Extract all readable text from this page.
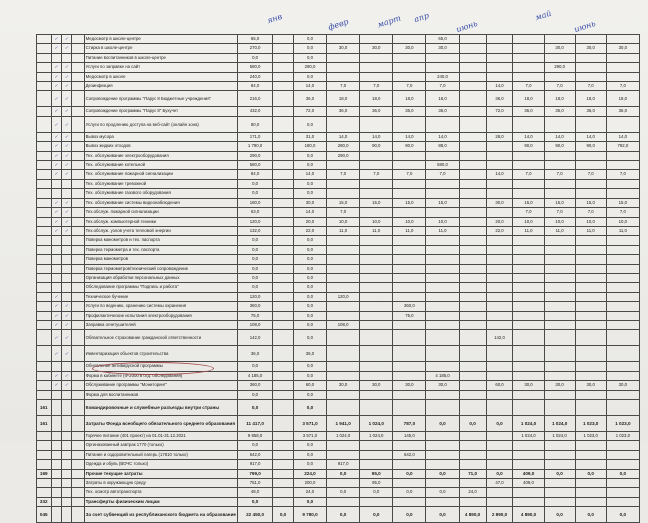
	✓	✓		Медосмотр в школе-центре	65,0		0,0				65,0						
	✓	✓		Стирка в школе-центре	270,0		0,0	30,0	30,0	30,0	30,0				30,0	30,0	30,0
				Питание воспитанников в школе-центре	0,0		0,0										
	✓	✓		Услуги по заправке на сайт	580,0		290,0								290,0		
	✓	✓		Медосмотр в школе	240,0		0,0				240,0						
	✓	✓		Дезинфекция	84,0		14,0	7,0	7,0	7,0	7,0		14,0	7,0	7,0	7,0	7,0
	✓	✓		Сопровождение программы "Парус 8 Бюджетные учреждения"	216,0		36,0	18,0	18,0	18,0	18,0		36,0	18,0	18,0	18,0	18,0
	✓	✓		Сопровождение программы "Парус 8" Бухучет	432,0		72,0	36,0	36,0	36,0	36,0		72,0	36,0	36,0	36,0	36,0
	✓	✓		Услуги по продлению доступа на веб-сайт (онлайн зона)	80,0		0,0										
	✓	✓		Вывоз мусора	171,0		31,0	14,0	14,0	14,0	14,0		28,0	14,0	14,0	14,0	14,0
	✓	✓		Вывоз жидких отходов	1 790,0		180,0	280,0	90,0	90,0	88,0			90,0	90,0	90,0	792,0
	✓	✓		Тех. обслуживание электрооборудования	290,0		0,0	290,0									
	✓	✓		Тех. обслуживание котельной	580,0		0,0				580,0						
	✓	✓		Тех. обслуживание пожарной сигнализации	84,0		14,0	7,0	7,0	7,0	7,0		14,0	7,0	7,0	7,0	7,0
				Тех. обслуживание тревожной	0,0		0,0										
				Тех. обслуживание газового оборудования	0,0		0,0										
	✓	✓		Тех. обслуживание системы видеонаблюдения	180,0		30,0	15,0	15,0	15,0	15,0		30,0	15,0	15,0	15,0	15,0
	✓	✓		Тех.обслуж. пожарной сигнализации	63,0		14,0	7,0						7,0	7,0	7,0	7,0
	✓	✓		Тех.обслуж. компьютерной техники	120,0		20,0	10,0	10,0	10,0	10,0		20,0	10,0	10,0	10,0	10,0
	✓	✓		Тех.обслуж. узлов учета тепловой энергии	132,0		22,0	11,0	11,0	11,0	11,0		22,0	11,0	11,0	11,0	11,0
				Поверка манометров и тех. паспорта	0,0		0,0										
				Поверка термометра и тех. паспорта	0,0		0,0										
				Поверка манометров	0,0		0,0										
				Поверка термометров/технический сопровождение	0,0		0,0										
				Организация обработки персональных данных	0,0		0,0										
				Обследование программы "Подпись и работа"	0,0		0,0										
	✓			Техническое бучение	120,0		0,0	120,0									
	✓	✓		Услуги по ведению, хранению системы охранения	360,0		0,0			360,0							
	✓	✓		Профилактические испытания электрооборудования	75,0		0,0			75,0							
	✓	✓		Заправка огнетушителей	108,0		0,0	108,0									
	✓	✓		Обязательное страхование гражданской ответственности	142,0		0,0						142,0				
	✓	✓		Инвентаризация объектов строительства	36,0		36,0										
				Обновление антивирусной программы	0,0		0,0										
	✓	✓		Форма в кабинете (Ф-2000 в отд. обследования)	4 185,0		0,0				4 185,0						
	✓	✓		Обслуживание программы "Мониторинг"	360,0		60,0	30,0	30,0	30,0	30,0		60,0	30,0	30,0	30,0	30,0
				Форма для воспитанников	0,0		0,0										
161				Командировочные и служебные разъезды внутри страны	0,0		0,0										
161				Затраты Фонда всеобщего обязательного среднего образования	11 417,0		3 571,0	1 941,0	1 024,0	787,0	0,0	0,0	0,0	1 024,0	1 024,0	1 023,0	1 023,0
				Горячее питание (401 проект) на 01.01-31.12.2021	9 858,0		3 571,0	1 024,0	1 024,0	145,0				1 024,0	1 024,0	1 023,0	1 023,0
				Оргиназованный завтрак 1770 (только)	0,0		0,0										
				Питание и оздоровительный лагерь (17810 только)	642,0		0,0			642,0							
				Одежда и обувь (ВОЧС только)	917,0		0,0	917,0									
169				Прочие текущие затраты	799,0		224,0	0,0	95,0	0,0	0,0	71,0	0,0	409,0	0,0	0,0	0,0
				Затраты в окружающую среду	751,0		200,0		95,0				47,0	409,0			
				Тех. осмотр автотранспорта	48,0		24,0	0,0	0,0	0,0	0,0	24,0					
332				Трансферты физическим лицам	0,0		0,0										
045				За счет субвенций из республиканского бюджета на образование	22 450,0	0,0	9 780,0	0,0	0,0	0,0	0,0	4 890,0	2 890,0	4 890,0	0,0	0,0	0,0
янв	февр	март апр
июнь
май
июнь
